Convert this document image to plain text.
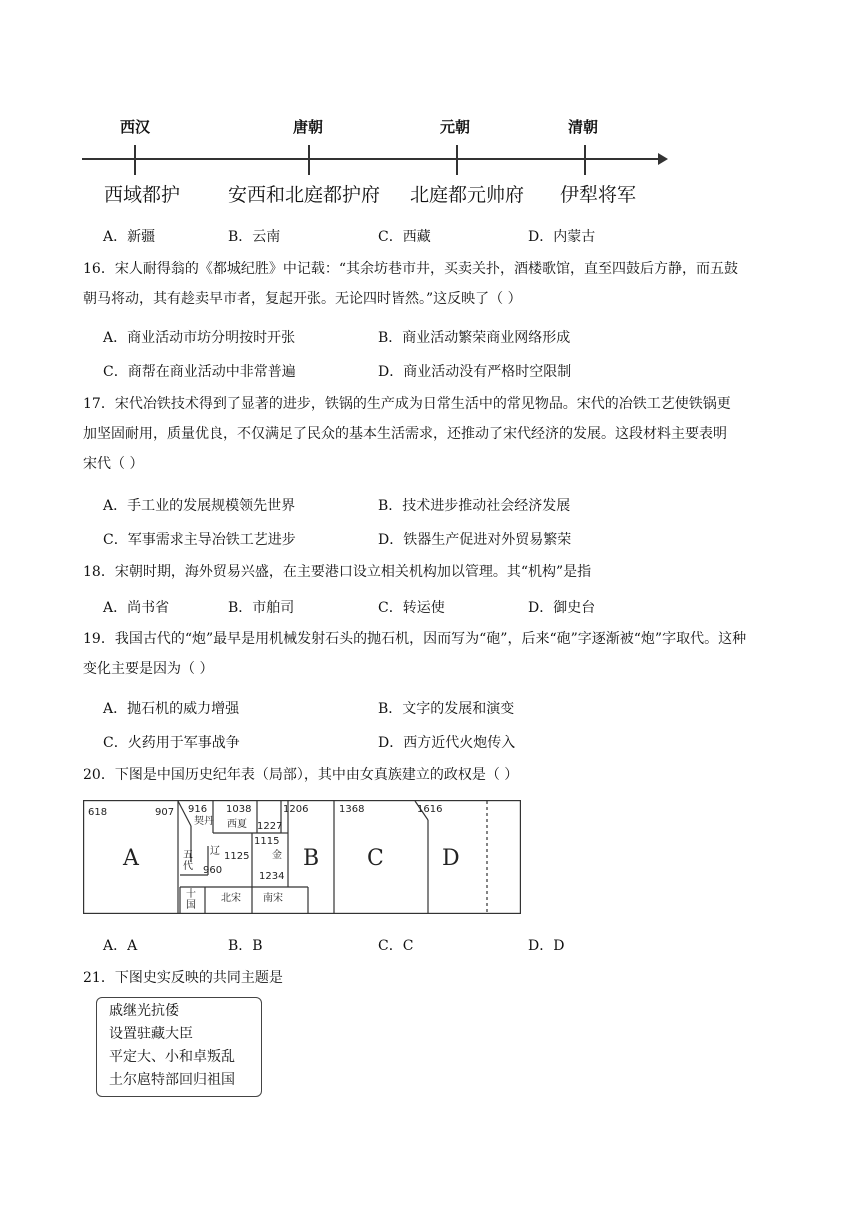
西汉	唐朝	元朝	清朝
西域都护	安西和北庭都护府 北庭都元帅府 伊犁将军
A．新疆	B．云南	C．西藏	D．内蒙古
16．宋人耐得翁的《都城纪胜》中记载：“其余坊巷市井，买卖关扑，酒楼歌馆，直至四鼓后方静，而五鼓
朝马将动，其有趁卖早市者，复起开张。无论四时皆然。”这反映了（ ）
A．商业活动市坊分明按时开张	B．商业活动繁荣商业网络形成
C．商帮在商业活动中非常普遍	D．商业活动没有严格时空限制
17．宋代冶铁技术得到了显著的进步，铁锅的生产成为日常生活中的常见物品。宋代的冶铁工艺使铁锅更
加坚固耐用，质量优良，不仅满足了民众的基本生活需求，还推动了宋代经济的发展。这段材料主要表明
宋代（ ）
A．手工业的发展规模领先世界	B．技术进步推动社会经济发展
C．军事需求主导冶铁工艺进步	D．铁器生产促进对外贸易繁荣
18．宋朝时期，海外贸易兴盛，在主要港口设立相关机构加以管理。其“机构”是指
A．尚书省	B．市舶司	C．转运使	D．御史台
19．我国古代的“炮”最早是用机械发射石头的抛石机，因而写为“砲”，后来“砲”字逐渐被“炮”字取代。这种
变化主要是因为（ ）
A．抛石机的威力增强	B．文字的发展和演变
C．火药用于军事战争	D．西方近代火炮传入
20．下图是中国历史纪年表（局部），其中由女真族建立的政权是（ ）
618	907 916 1038	1206	1368	1616
1227
1115
1125
960
1234
契丹 西夏
辽	金
北宋 南宋
A	B C	D
五代
十国
A．A	B．B	C．C	D．D
21．下图史实反映的共同主题是
戚继光抗倭
设置驻藏大臣
平定大、小和卓叛乱
土尔扈特部回归祖国
